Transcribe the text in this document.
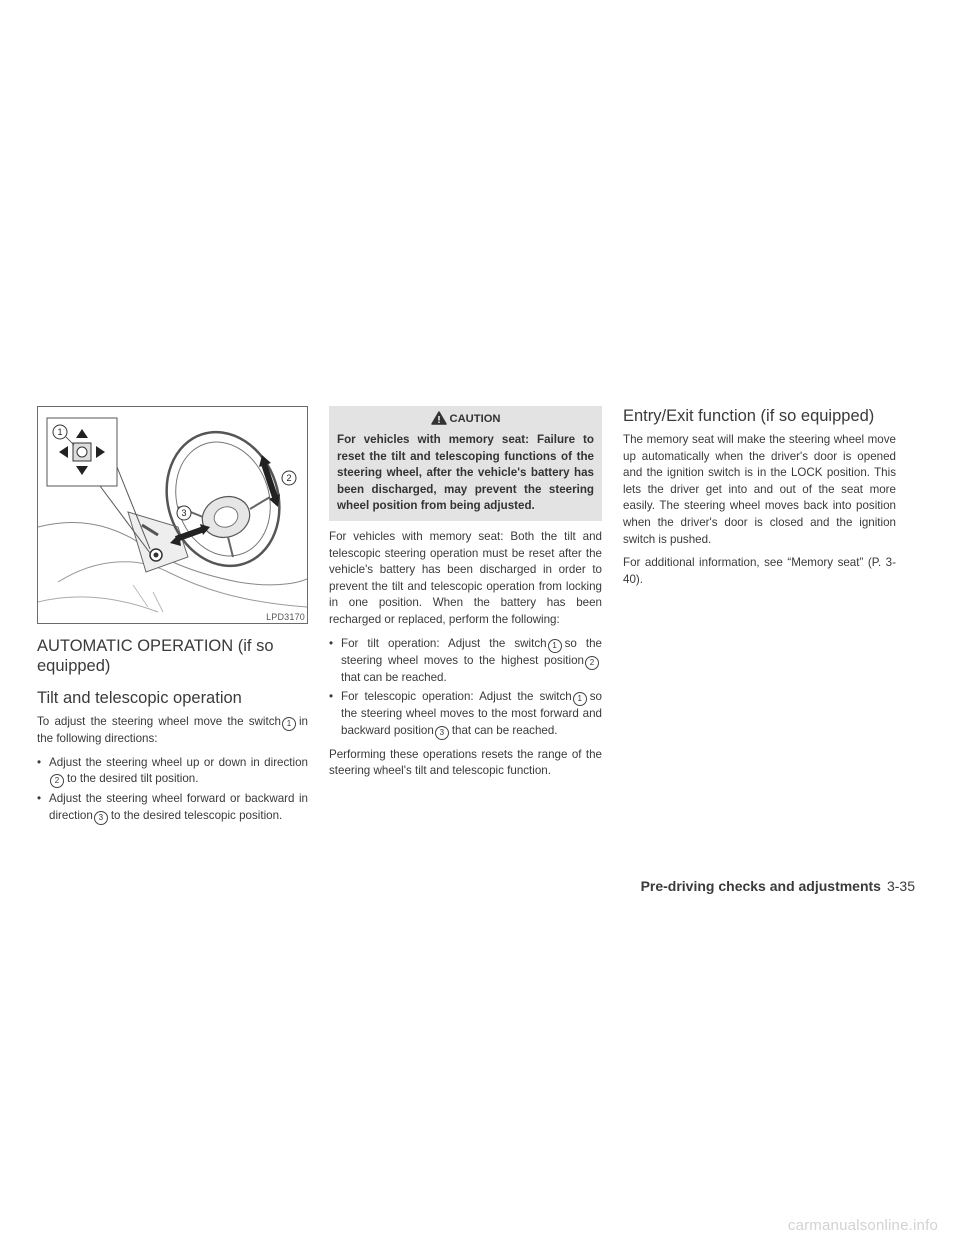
1
2
3
LPD3170
AUTOMATIC OPERATION (if so equipped)
Tilt and telescopic operation

To adjust the steering wheel move the switch 1 in the following directions:

• Adjust the steering wheel up or down in direction2 to the desired tilt position.
• Adjust the steering wheel forward or backward in direction 3 to the desired telescopic position.
CAUTION
For vehicles with memory seat: Failure to reset the tilt and telescoping functions of the steering wheel, after the vehicle's battery has been discharged, may prevent the steering wheel position from being adjusted.

For vehicles with memory seat: Both the tilt and telescopic steering operation must be reset after the vehicle's battery has been discharged in order to prevent the tilt and telescopic operation from locking in one position. When the battery has been recharged or replaced, perform the following:

• For tilt operation: Adjust the switch 1 so the steering wheel moves to the highest position 2that can be reached.
• For telescopic operation: Adjust the switch 1 so the steering wheel moves to the most forward and backward position 3 that can be reached.

Performing these operations resets the range of the steering wheel's tilt and telescopic function.

Entry/Exit function (if so equipped)

The memory seat will make the steering wheel move up automatically when the driver's door is opened and the ignition switch is in the LOCK position. This lets the driver get into and out of the seat more easily. The steering wheel moves back into position when the driver's door is closed and the ignition switch is pushed.

For additional information, see “Memory seat” (P. 3-40).

Pre-driving checks and adjustments 3-35
carmanualsonline.info
